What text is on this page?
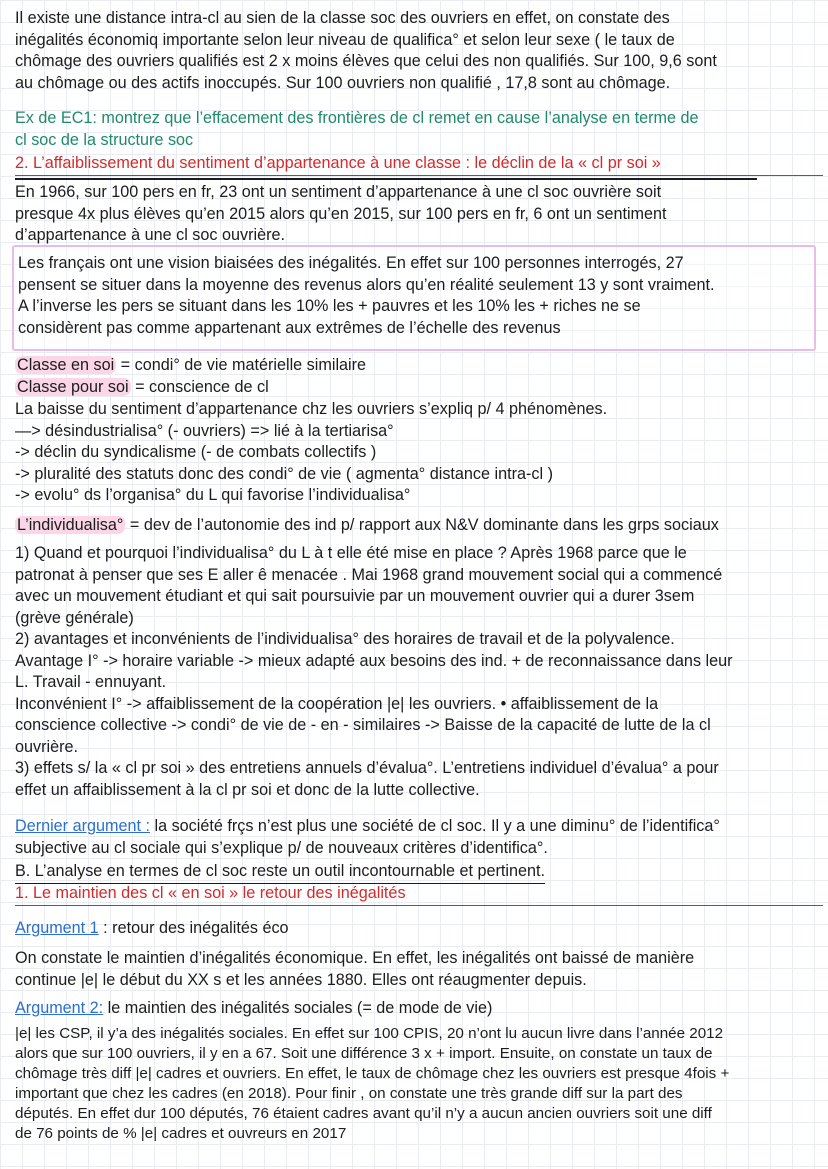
Il existe une distance intra-cl au sien de la classe soc des ouvriers en effet, on constate des
inégalités économiq importante selon leur niveau de qualifica° et selon leur sexe ( le taux de
chômage des ouvriers qualifiés est 2 x moins élèves que celui des non qualifiés. Sur 100, 9,6 sont
au chômage ou des actifs inoccupés. Sur 100 ouvriers non qualifié , 17,8 sont au chômage.
Ex de EC1: montrez que l’effacement des frontières de cl remet en cause l’analyse en terme de
cl soc de la structure soc
2. L’affaiblissement du sentiment d’appartenance à une classe : le déclin de la « cl pr soi »
En 1966, sur 100 pers en fr, 23 ont un sentiment d’appartenance à une cl soc ouvrière soit
presque 4x plus élèves qu’en 2015 alors qu’en 2015, sur 100 pers en fr, 6 ont un sentiment
d’appartenance à une cl soc ouvrière.
Les français ont une vision biaisées des inégalités. En effet sur 100 personnes interrogés, 27
pensent se situer dans la moyenne des revenus alors qu’en réalité seulement 13 y sont vraiment.
A l’inverse les pers se situant dans les 10% les + pauvres et les 10% les + riches ne se
considèrent pas comme appartenant aux extrêmes de l’échelle des revenus
Classe en soi = condi° de vie matérielle similaire
Classe pour soi = conscience de cl
La baisse du sentiment d’appartenance chz les ouvriers s’expliq p/ 4 phénomènes.
—> désindustrialisa° (- ouvriers) => lié à la tertiarisa°
-> déclin du syndicalisme (- de combats collectifs )
-> pluralité des statuts donc des condi° de vie ( agmenta° distance intra-cl )
-> evolu° ds l’organisa° du L qui favorise l’individualisa°
L’individualisa° = dev de l’autonomie des ind p/ rapport aux N&V dominante dans les grps sociaux
1) Quand et pourquoi l’individualisa° du L à t elle été mise en place ? Après 1968 parce que le
patronat à penser que ses E aller ê menacée . Mai 1968 grand mouvement social qui a commencé
avec un mouvement étudiant et qui sait poursuivie par un mouvement ouvrier qui a durer 3sem
(grève générale)
2) avantages et inconvénients de l’individualisa° des horaires de travail et de la polyvalence.
Avantage I° -> horaire variable -> mieux adapté aux besoins des ind. + de reconnaissance dans leur
L. Travail - ennuyant.
Inconvénient I° -> affaiblissement de la coopération |e| les ouvriers. • affaiblissement de la
conscience collective -> condi° de vie de - en - similaires -> Baisse de la capacité de lutte de la cl
ouvrière.
3) effets s/ la « cl pr soi » des entretiens annuels d’évalua°. L’entretiens individuel d’évalua° a pour
effet un affaiblissement à la cl pr soi et donc de la lutte collective.
Dernier argument : la société frçs n’est plus une société de cl soc. Il y a une diminu° de l’identifica°
subjective au cl sociale qui s’explique p/ de nouveaux critères d’identifica°.
B. L’analyse en termes de cl soc reste un outil incontournable et pertinent.
1. Le maintien des cl « en soi » le retour des inégalités
Argument 1 : retour des inégalités éco
On constate le maintien d’inégalités économique. En effet, les inégalités ont baissé de manière
continue |e| le début du XX s et les années 1880. Elles ont réaugmenter depuis.
Argument 2: le maintien des inégalités sociales (= de mode de vie)
|e| les CSP, il y’a des inégalités sociales. En effet sur 100 CPIS, 20 n’ont lu aucun livre dans l’année 2012
alors que sur 100 ouvriers, il y en a 67. Soit une différence 3 x + import. Ensuite, on constate un taux de
chômage très diff |e| cadres et ouvriers. En effet, le taux de chômage chez les ouvriers est presque 4fois +
important que chez les cadres (en 2018). Pour finir , on constate une très grande diff sur la part des
députés. En effet dur 100 députés, 76 étaient cadres avant qu’il n’y a aucun ancien ouvriers soit une diff
de 76 points de % |e| cadres et ouvreurs en 2017
